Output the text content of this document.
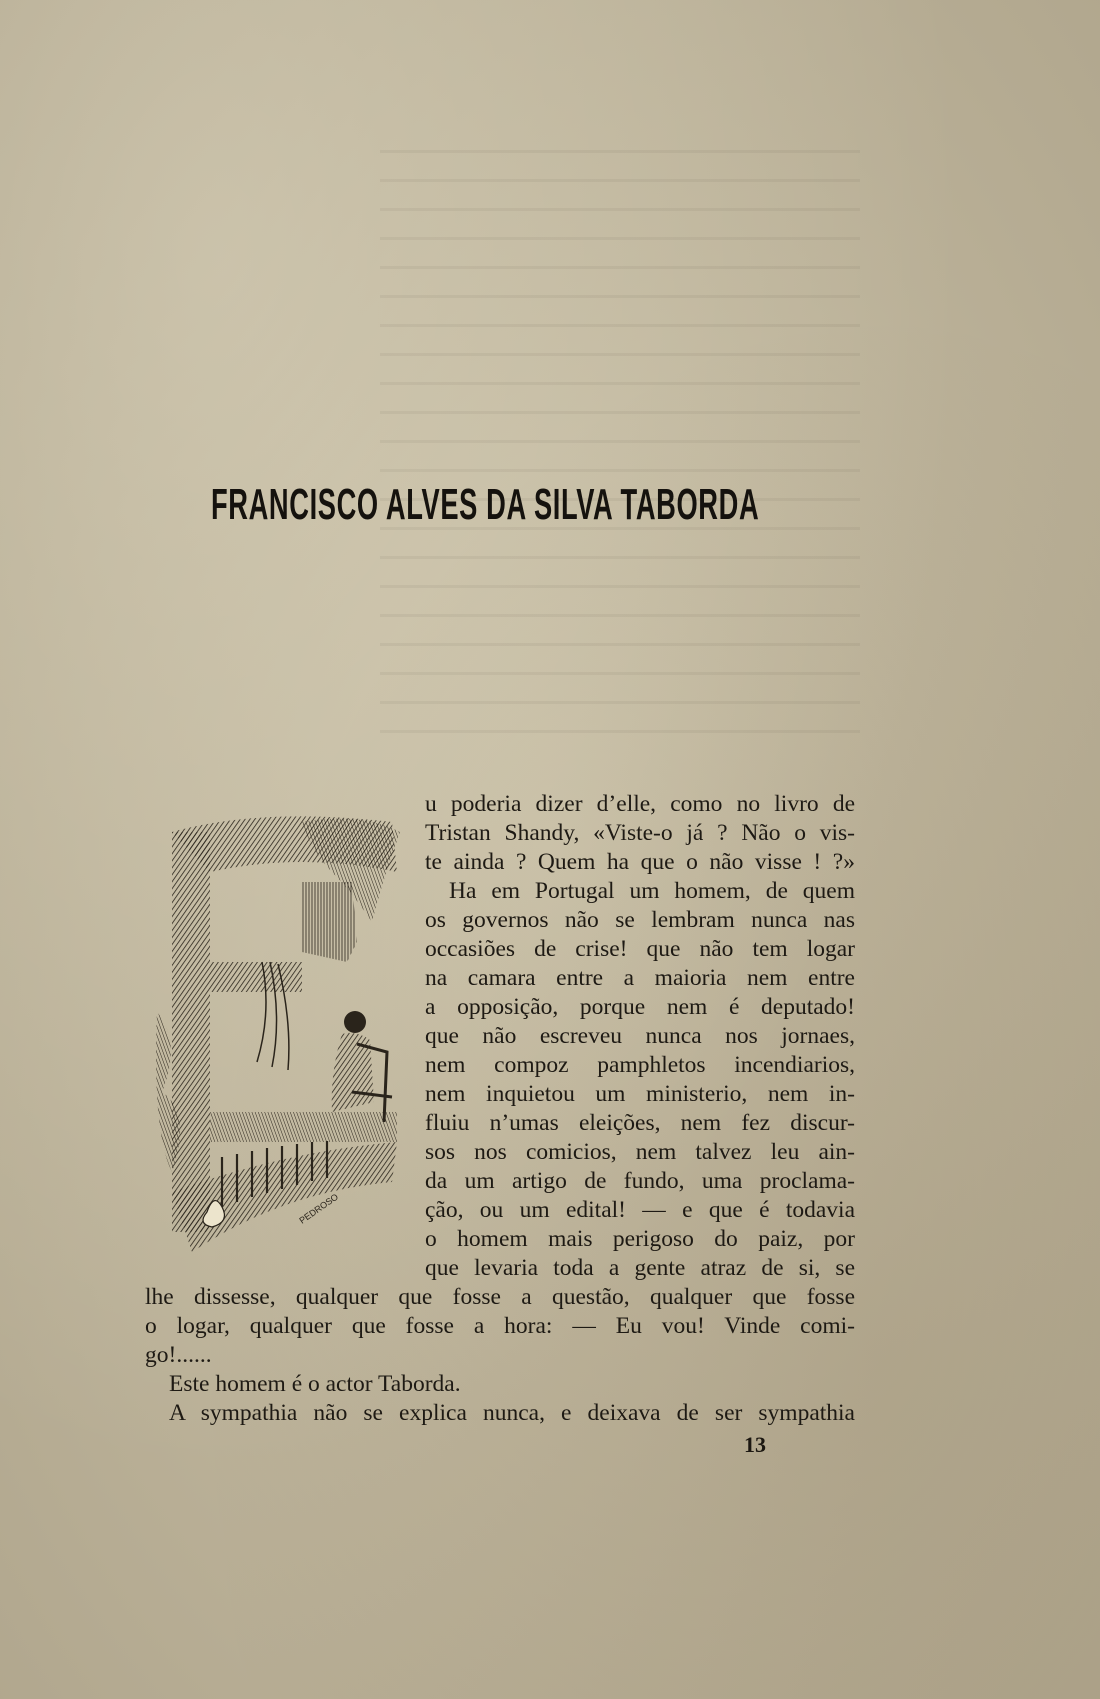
FRANCISCO ALVES DA SILVA TABORDA
PEDROSO
u poderia dizer d’elle, como no livro de
Tristan Shandy, «Viste-o já ? Não o vis-
te ainda ? Quem ha que o não visse ! ?»
Ha em Portugal um homem, de quem
os governos não se lembram nunca nas
occasiões de crise! que não tem logar
na camara entre a maioria nem entre
a opposição, porque nem é deputado!
que não escreveu nunca nos jornaes,
nem compoz pamphletos incendiarios,
nem inquietou um ministerio, nem in-
fluiu n’umas eleições, nem fez discur-
sos nos comicios, nem talvez leu ain-
da um artigo de fundo, uma proclama-
ção, ou um edital! — e que é todavia
o homem mais perigoso do paiz, por
que levaria toda a gente atraz de si, se
lhe dissesse, qualquer que fosse a questão, qualquer que fosse
o logar, qualquer que fosse a hora: — Eu vou! Vinde comi-
go!......
Este homem é o actor Taborda.
A sympathia não se explica nunca, e deixava de ser sympathia
13
